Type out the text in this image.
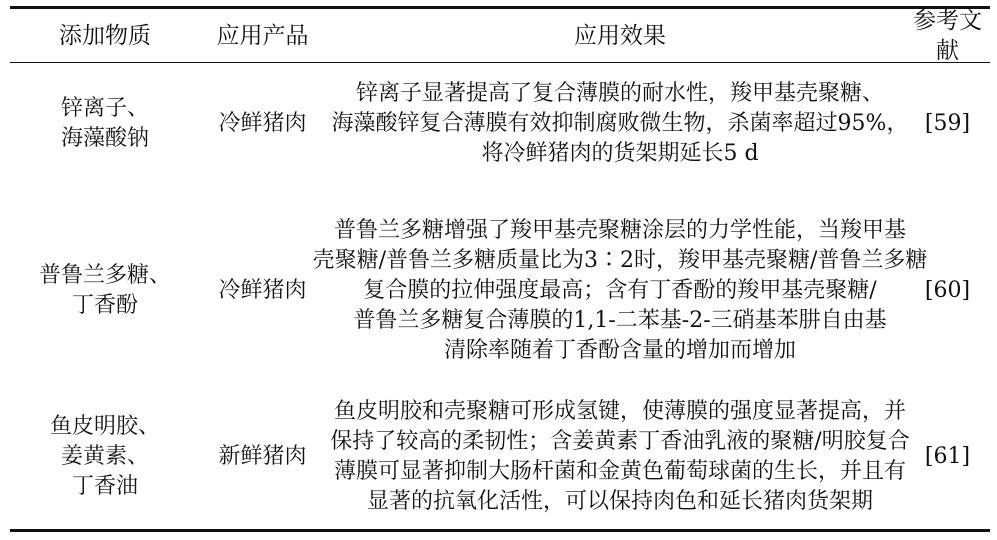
添加物质	应用产品	应用效果
参考文献
锌离子、
海藻酸钠
冷鲜猪肉
锌离子显著提高了复合薄膜的耐水性，羧甲基壳聚糖、
海藻酸锌复合薄膜有效抑制腐败微生物，杀菌率超过95%，
将冷鲜猪肉的货架期延长5 d
[59]
普鲁兰多糖、
丁香酚
冷鲜猪肉
普鲁兰多糖增强了羧甲基壳聚糖涂层的力学性能，当羧甲基
壳聚糖/普鲁兰多糖质量比为3∶2时，羧甲基壳聚糖/普鲁兰多糖
复合膜的拉伸强度最高；含有丁香酚的羧甲基壳聚糖/
普鲁兰多糖复合薄膜的1,1-二苯基-2-三硝基苯肼自由基
清除率随着丁香酚含量的增加而增加
[60]
鱼皮明胶、
姜黄素、
丁香油
新鲜猪肉
鱼皮明胶和壳聚糖可形成氢键，使薄膜的强度显著提高，并
保持了较高的柔韧性；含姜黄素丁香油乳液的聚糖/明胶复合
薄膜可显著抑制大肠杆菌和金黄色葡萄球菌的生长，并且有
显著的抗氧化活性，可以保持肉色和延长猪肉货架期
[61]
